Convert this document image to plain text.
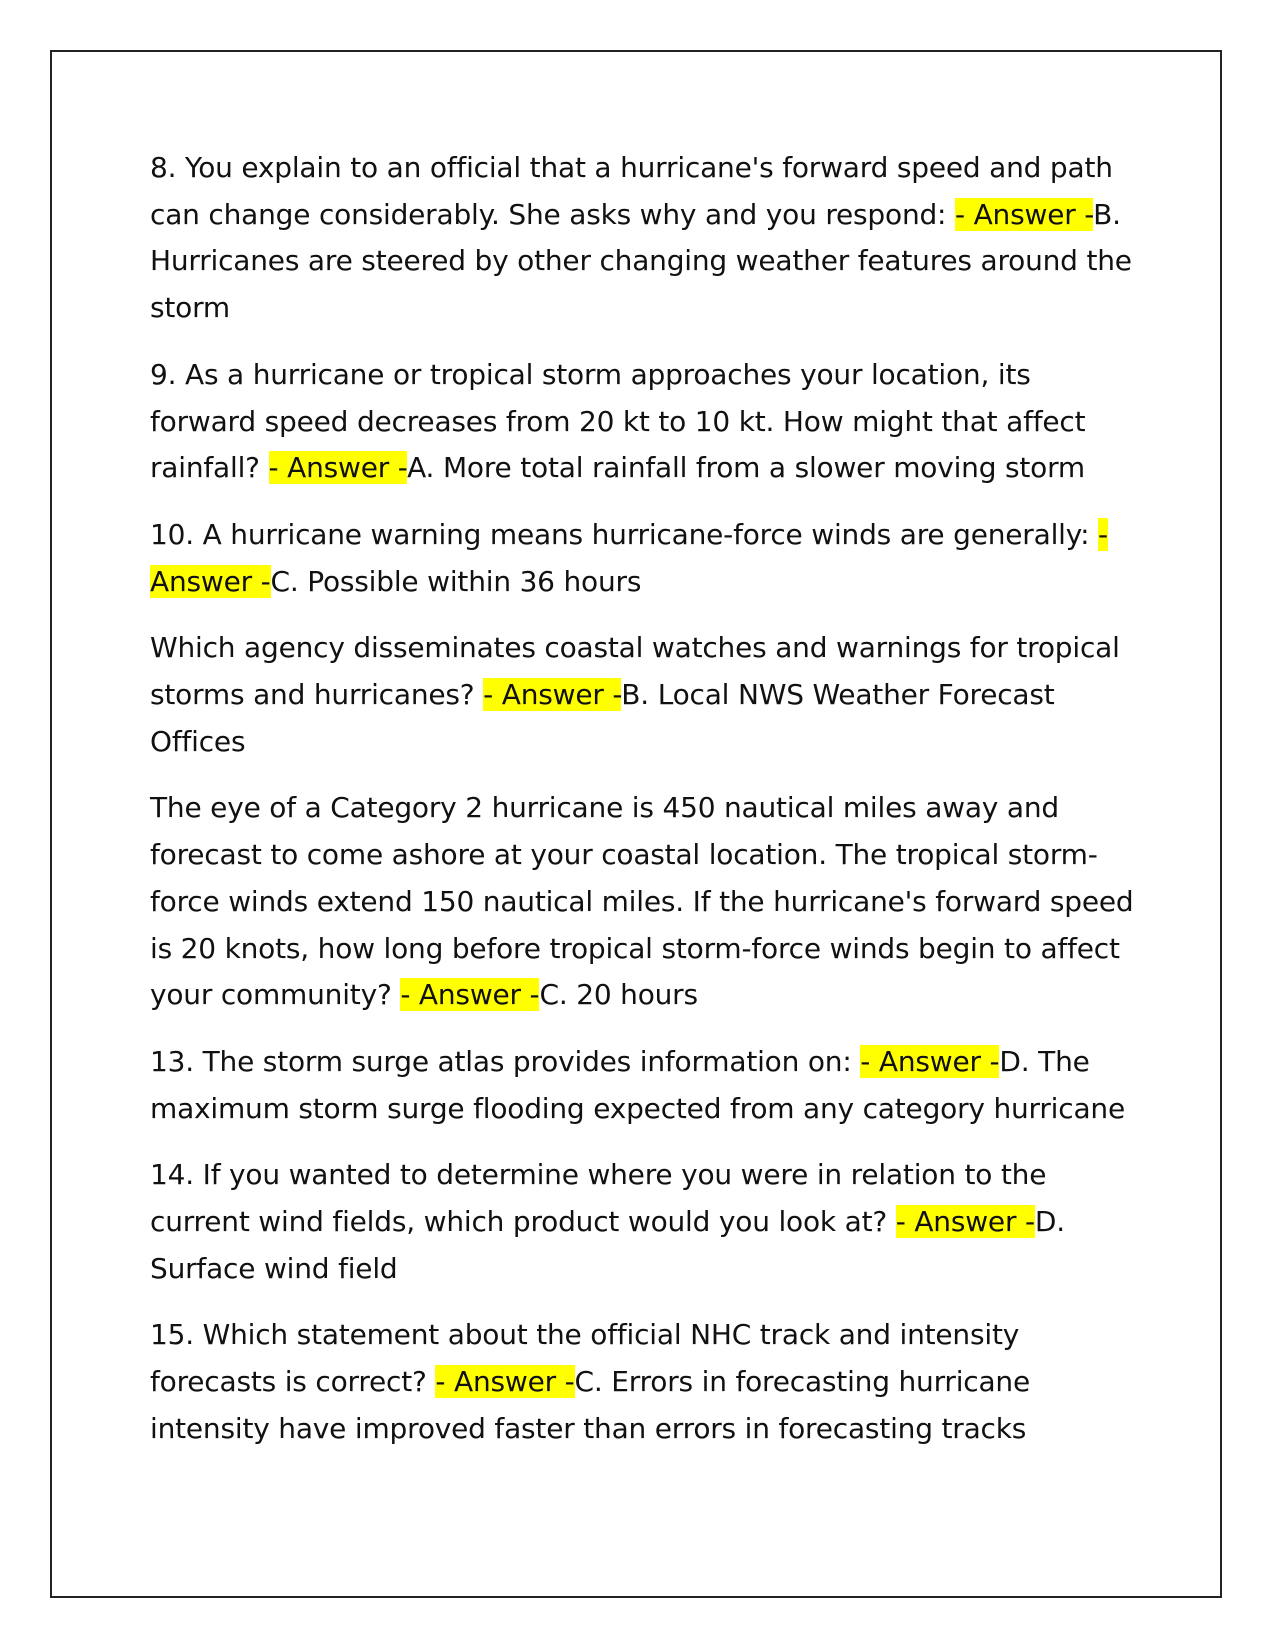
8. You explain to an official that a hurricane's forward speed and path can change considerably. She asks why and you respond: - Answer -B. Hurricanes are steered by other changing weather features around the storm

9. As a hurricane or tropical storm approaches your location, its forward speed decreases from 20 kt to 10 kt. How might that affect rainfall? - Answer -A. More total rainfall from a slower moving storm

10. A hurricane warning means hurricane-force winds are generally: - Answer -C. Possible within 36 hours

Which agency disseminates coastal watches and warnings for tropical storms and hurricanes? - Answer -B. Local NWS Weather Forecast Offices

The eye of a Category 2 hurricane is 450 nautical miles away and forecast to come ashore at your coastal location. The tropical storm-force winds extend 150 nautical miles. If the hurricane's forward speed is 20 knots, how long before tropical storm-force winds begin to affect your community? - Answer -C. 20 hours

13. The storm surge atlas provides information on: - Answer -D. The maximum storm surge flooding expected from any category hurricane

14. If you wanted to determine where you were in relation to the current wind fields, which product would you look at? - Answer -D. Surface wind field

15. Which statement about the official NHC track and intensity forecasts is correct? - Answer -C. Errors in forecasting hurricane intensity have improved faster than errors in forecasting tracks
